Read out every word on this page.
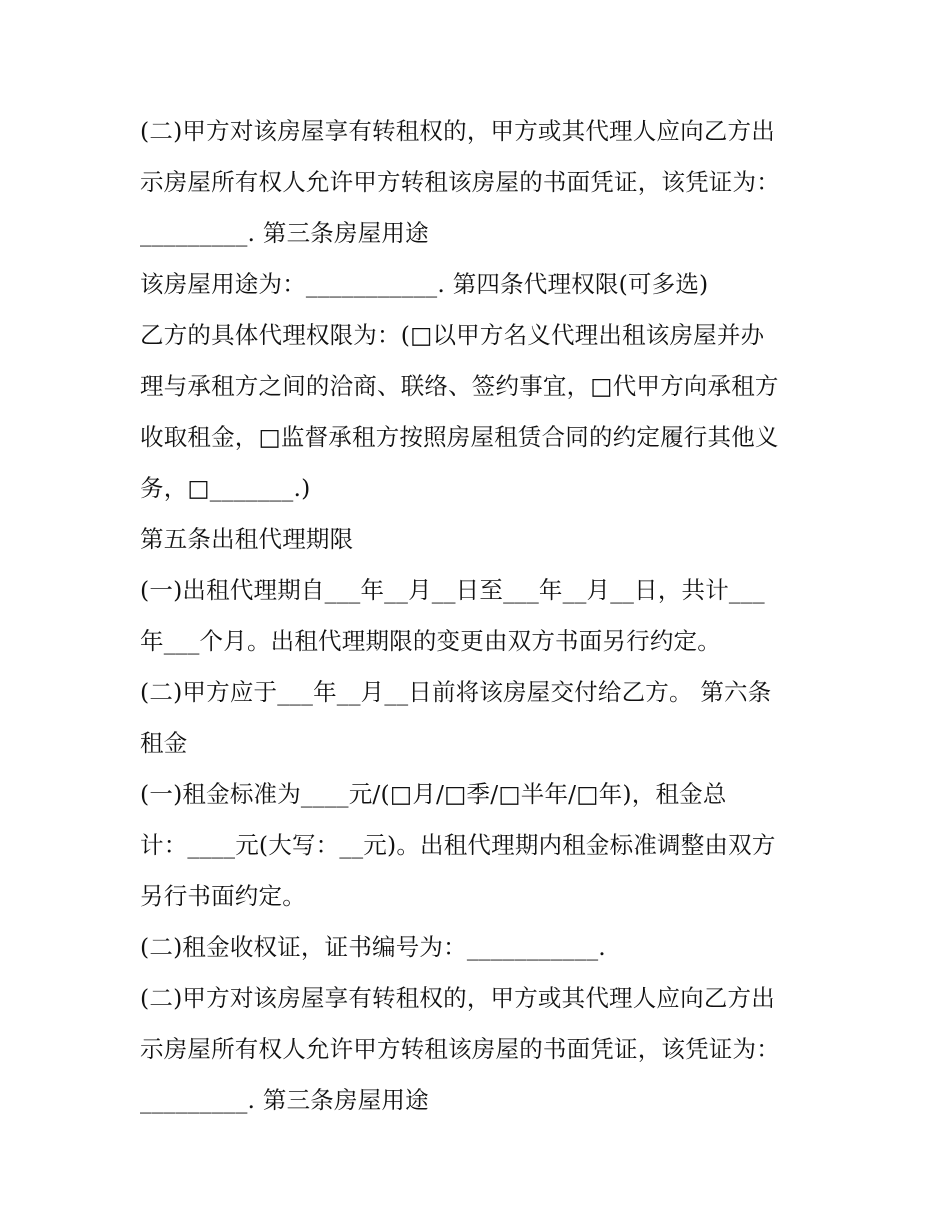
(二)甲方对该房屋享有转租权的，甲方或其代理人应向乙方出
示房屋所有权人允许甲方转租该房屋的书面凭证，该凭证为：
_________. 第三条房屋用途
该房屋用途为：___________. 第四条代理权限(可多选)
乙方的具体代理权限为：(□以甲方名义代理出租该房屋并办
理与承租方之间的洽商、联络、签约事宜，□代甲方向承租方
收取租金，□监督承租方按照房屋租赁合同的约定履行其他义
务，□_______.)
第五条出租代理期限
(一)出租代理期自___年__月__日至___年__月__日，共计___
年___个月。出租代理期限的变更由双方书面另行约定。
(二)甲方应于___年__月__日前将该房屋交付给乙方。 第六条
租金
(一)租金标准为____元/(□月/□季/□半年/□年)，租金总
计：____元(大写：__元)。出租代理期内租金标准调整由双方
另行书面约定。
(二)租金收权证，证书编号为：___________.
(二)甲方对该房屋享有转租权的，甲方或其代理人应向乙方出
示房屋所有权人允许甲方转租该房屋的书面凭证，该凭证为：
_________. 第三条房屋用途
